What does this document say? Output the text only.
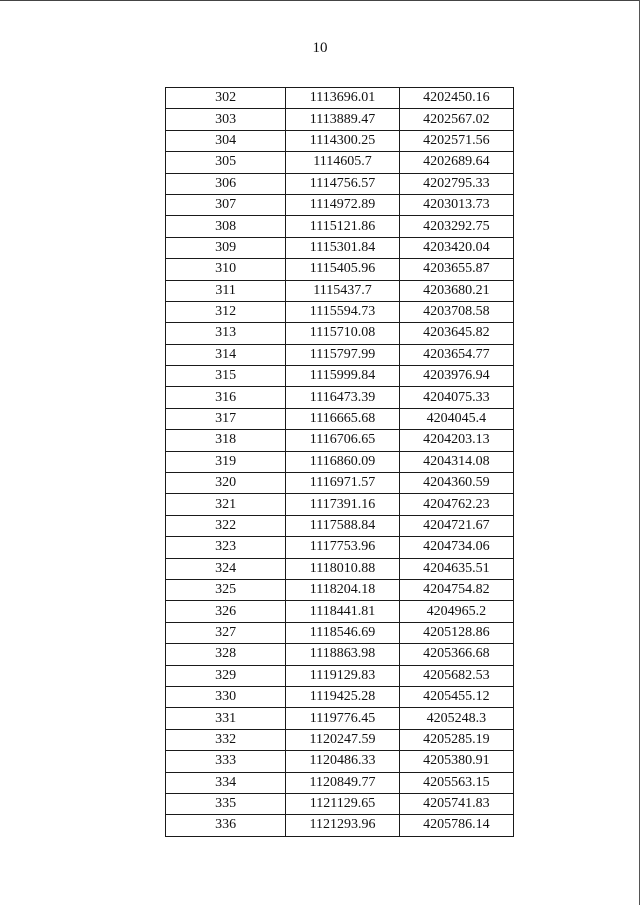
10
302	1113696.01	4202450.16
303	1113889.47	4202567.02
304	1114300.25	4202571.56
305	1114605.7	4202689.64
306	1114756.57	4202795.33
307	1114972.89	4203013.73
308	1115121.86	4203292.75
309	1115301.84	4203420.04
310	1115405.96	4203655.87
311	1115437.7	4203680.21
312	1115594.73	4203708.58
313	1115710.08	4203645.82
314	1115797.99	4203654.77
315	1115999.84	4203976.94
316	1116473.39	4204075.33
317	1116665.68	4204045.4
318	1116706.65	4204203.13
319	1116860.09	4204314.08
320	1116971.57	4204360.59
321	1117391.16	4204762.23
322	1117588.84	4204721.67
323	1117753.96	4204734.06
324	1118010.88	4204635.51
325	1118204.18	4204754.82
326	1118441.81	4204965.2
327	1118546.69	4205128.86
328	1118863.98	4205366.68
329	1119129.83	4205682.53
330	1119425.28	4205455.12
331	1119776.45	4205248.3
332	1120247.59	4205285.19
333	1120486.33	4205380.91
334	1120849.77	4205563.15
335	1121129.65	4205741.83
336	1121293.96	4205786.14
